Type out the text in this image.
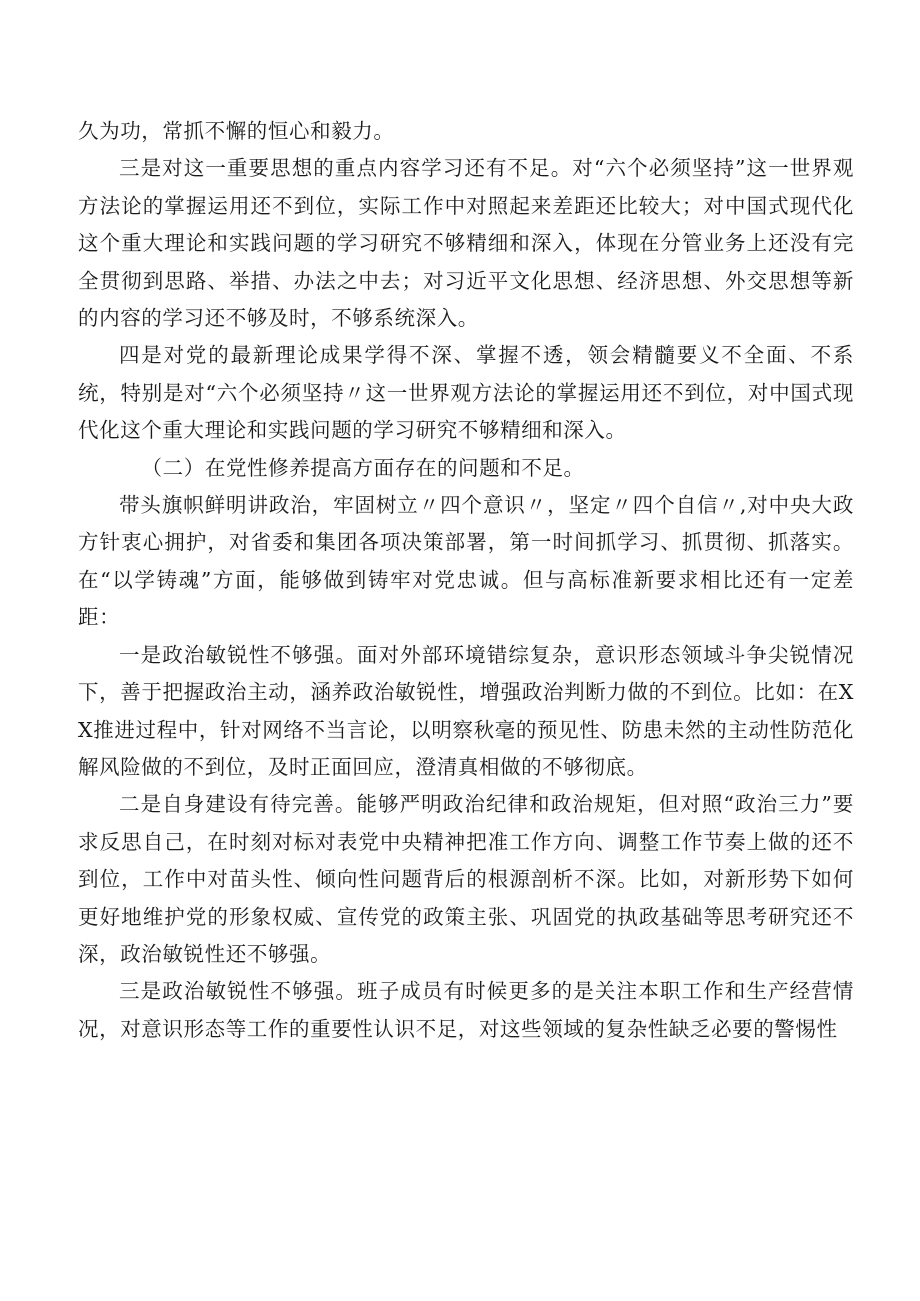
久为功，常抓不懈的恒心和毅力。

三是对这一重要思想的重点内容学习还有不足。对“六个必须坚持”这一世界观方法论的掌握运用还不到位，实际工作中对照起来差距还比较大；对中国式现代化这个重大理论和实践问题的学习研究不够精细和深入，体现在分管业务上还没有完全贯彻到思路、举措、办法之中去；对习近平文化思想、经济思想、外交思想等新的内容的学习还不够及时，不够系统深入。

四是对党的最新理论成果学得不深、掌握不透，领会精髓要义不全面、不系统，特别是对“六个必须坚持〃这一世界观方法论的掌握运用还不到位，对中国式现代化这个重大理论和实践问题的学习研究不够精细和深入。

（二）在党性修养提高方面存在的问题和不足。

带头旗帜鲜明讲政治，牢固树立〃四个意识〃，坚定〃四个自信〃,对中央大政方针衷心拥护，对省委和集团各项决策部署，第一时间抓学习、抓贯彻、抓落实。在“以学铸魂”方面，能够做到铸牢对党忠诚。但与高标准新要求相比还有一定差距：

一是政治敏锐性不够强。面对外部环境错综复杂，意识形态领域斗争尖锐情况下，善于把握政治主动，涵养政治敏锐性，增强政治判断力做的不到位。比如：在XX推进过程中，针对网络不当言论，以明察秋毫的预见性、防患未然的主动性防范化解风险做的不到位，及时正面回应，澄清真相做的不够彻底。

二是自身建设有待完善。能够严明政治纪律和政治规矩，但对照“政治三力”要求反思自己，在时刻对标对表党中央精神把准工作方向、调整工作节奏上做的还不到位，工作中对苗头性、倾向性问题背后的根源剖析不深。比如，对新形势下如何更好地维护党的形象权威、宣传党的政策主张、巩固党的执政基础等思考研究还不深，政治敏锐性还不够强。

三是政治敏锐性不够强。班子成员有时候更多的是关注本职工作和生产经营情况，对意识形态等工作的重要性认识不足，对这些领域的复杂性缺乏必要的警惕性
